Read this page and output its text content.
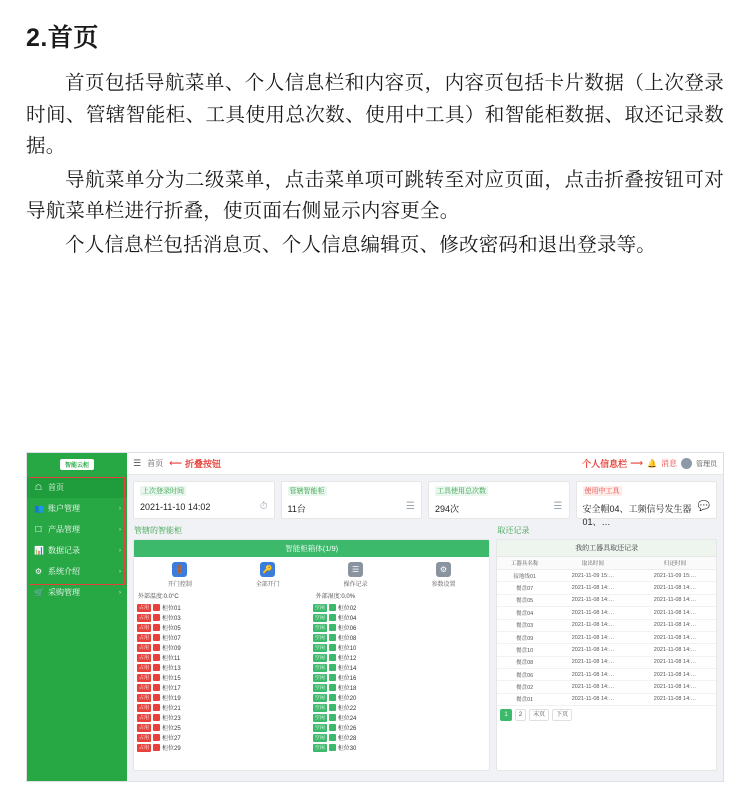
2.首页

首页包括导航菜单、个人信息栏和内容页，内容页包括卡片数据（上次登录时间、管辖智能柜、工具使用总次数、使用中工具）和智能柜数据、取还记录数据。

导航菜单分为二级菜单，点击菜单项可跳转至对应页面，点击折叠按钮可对导航菜单栏进行折叠，使页面右侧显示内容更全。

个人信息栏包括消息页、个人信息编辑页、修改密码和退出登录等。

智能云柜
☖ 首页
👥 账户管理	›
☐ 产品管理	›
📊 数据记录	›
⚙ 系统介绍	›
🛒 采购管理	›
☰ 首页 ⟵ 折叠按钮	个人信息栏 ⟶ 🔔 消息	管理员
上次登录时间
2021-11-10 14:02	⏱
管辖智能柜
11台	☰
工具使用总次数
294次	☰
使用中工具
安全帽04、工频信号发生器01、…
💬
管辖的智能柜
智能柜箱体(1/9)
🚪
开门控制
🔑
全部开门
☰
操作记录
⚙
参数设置
外部温度:0.0°C	外部湿度:0.0%
占用	柜位01	空闲	柜位02
占用	柜位03	空闲	柜位04
占用	柜位05	空闲	柜位06
占用	柜位07	空闲	柜位08
占用	柜位09	空闲	柜位10
占用	柜位11	空闲	柜位12
占用	柜位13	空闲	柜位14
占用	柜位15	空闲	柜位16
占用	柜位17	空闲	柜位18
占用	柜位19	空闲	柜位20
占用	柜位21	空闲	柜位22
占用	柜位23	空闲	柜位24
占用	柜位25	空闲	柜位26
占用	柜位27	空闲	柜位28
占用	柜位29	空闲	柜位30
取还记录
我的工器具取还记录
工器具名称	取出时间	归还时间
接地线01	2021-11-09 15:…	2021-11-09 15:…
餐盘07	2021-11-08 14:…	2021-11-08 14:…
餐盘05	2021-11-08 14:…	2021-11-08 14:…
餐盘04	2021-11-08 14:…	2021-11-08 14:…
餐盘03	2021-11-08 14:…	2021-11-08 14:…
餐盘09	2021-11-08 14:…	2021-11-08 14:…
餐盘10	2021-11-08 14:…	2021-11-08 14:…
餐盘08	2021-11-08 14:…	2021-11-08 14:…
餐盘06	2021-11-08 14:…	2021-11-08 14:…
餐盘02	2021-11-08 14:…	2021-11-08 14:…
餐盘01	2021-11-08 14:…	2021-11-08 14:…
1	2	末页	下页
